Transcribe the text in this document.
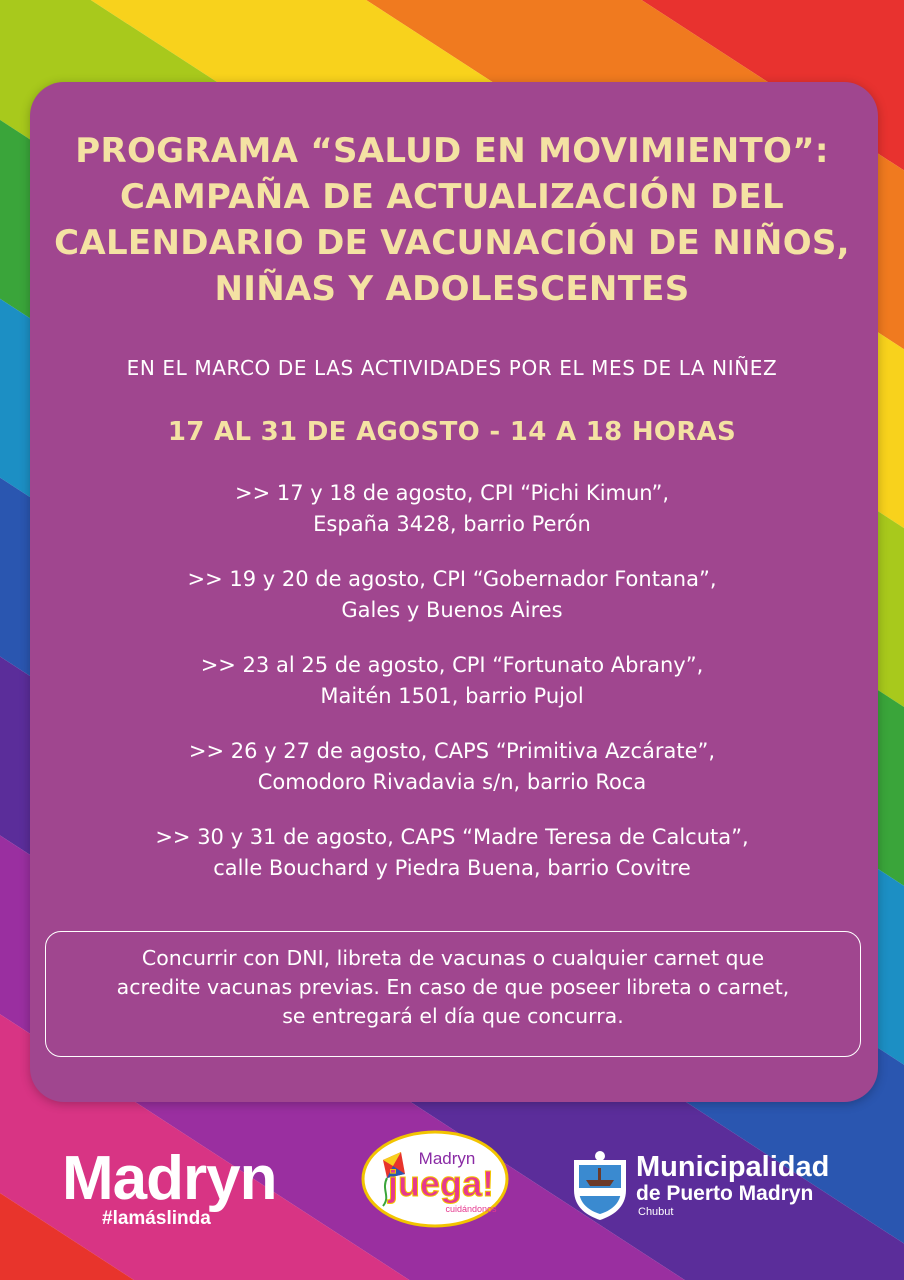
PROGRAMA “SALUD EN MOVIMIENTO”:
CAMPAÑA DE ACTUALIZACIÓN DEL
CALENDARIO DE VACUNACIÓN DE NIÑOS,
NIÑAS Y ADOLESCENTES
EN EL MARCO DE LAS ACTIVIDADES POR EL MES DE LA NIÑEZ
17 AL 31 DE AGOSTO - 14 A 18 HORAS
>> 17 y 18 de agosto, CPI “Pichi Kimun”,
España 3428, barrio Perón
>> 19 y 20 de agosto, CPI “Gobernador Fontana”,
Gales y Buenos Aires
>> 23 al 25 de agosto, CPI “Fortunato Abrany”,
Maitén 1501, barrio Pujol
>> 26 y 27 de agosto, CAPS “Primitiva Azcárate”,
Comodoro Rivadavia s/n, barrio Roca
>> 30 y 31 de agosto, CAPS “Madre Teresa de Calcuta”,
calle Bouchard y Piedra Buena, barrio Covitre
Concurrir con DNI, libreta de vacunas o cualquier carnet que
acredite vacunas previas. En caso de que poseer libreta o carnet,
se entregará el día que concurra.
Madryn
#lamáslinda
Madryn
juega!
cuidándonos
Municipalidad
de Puerto Madryn
Chubut
